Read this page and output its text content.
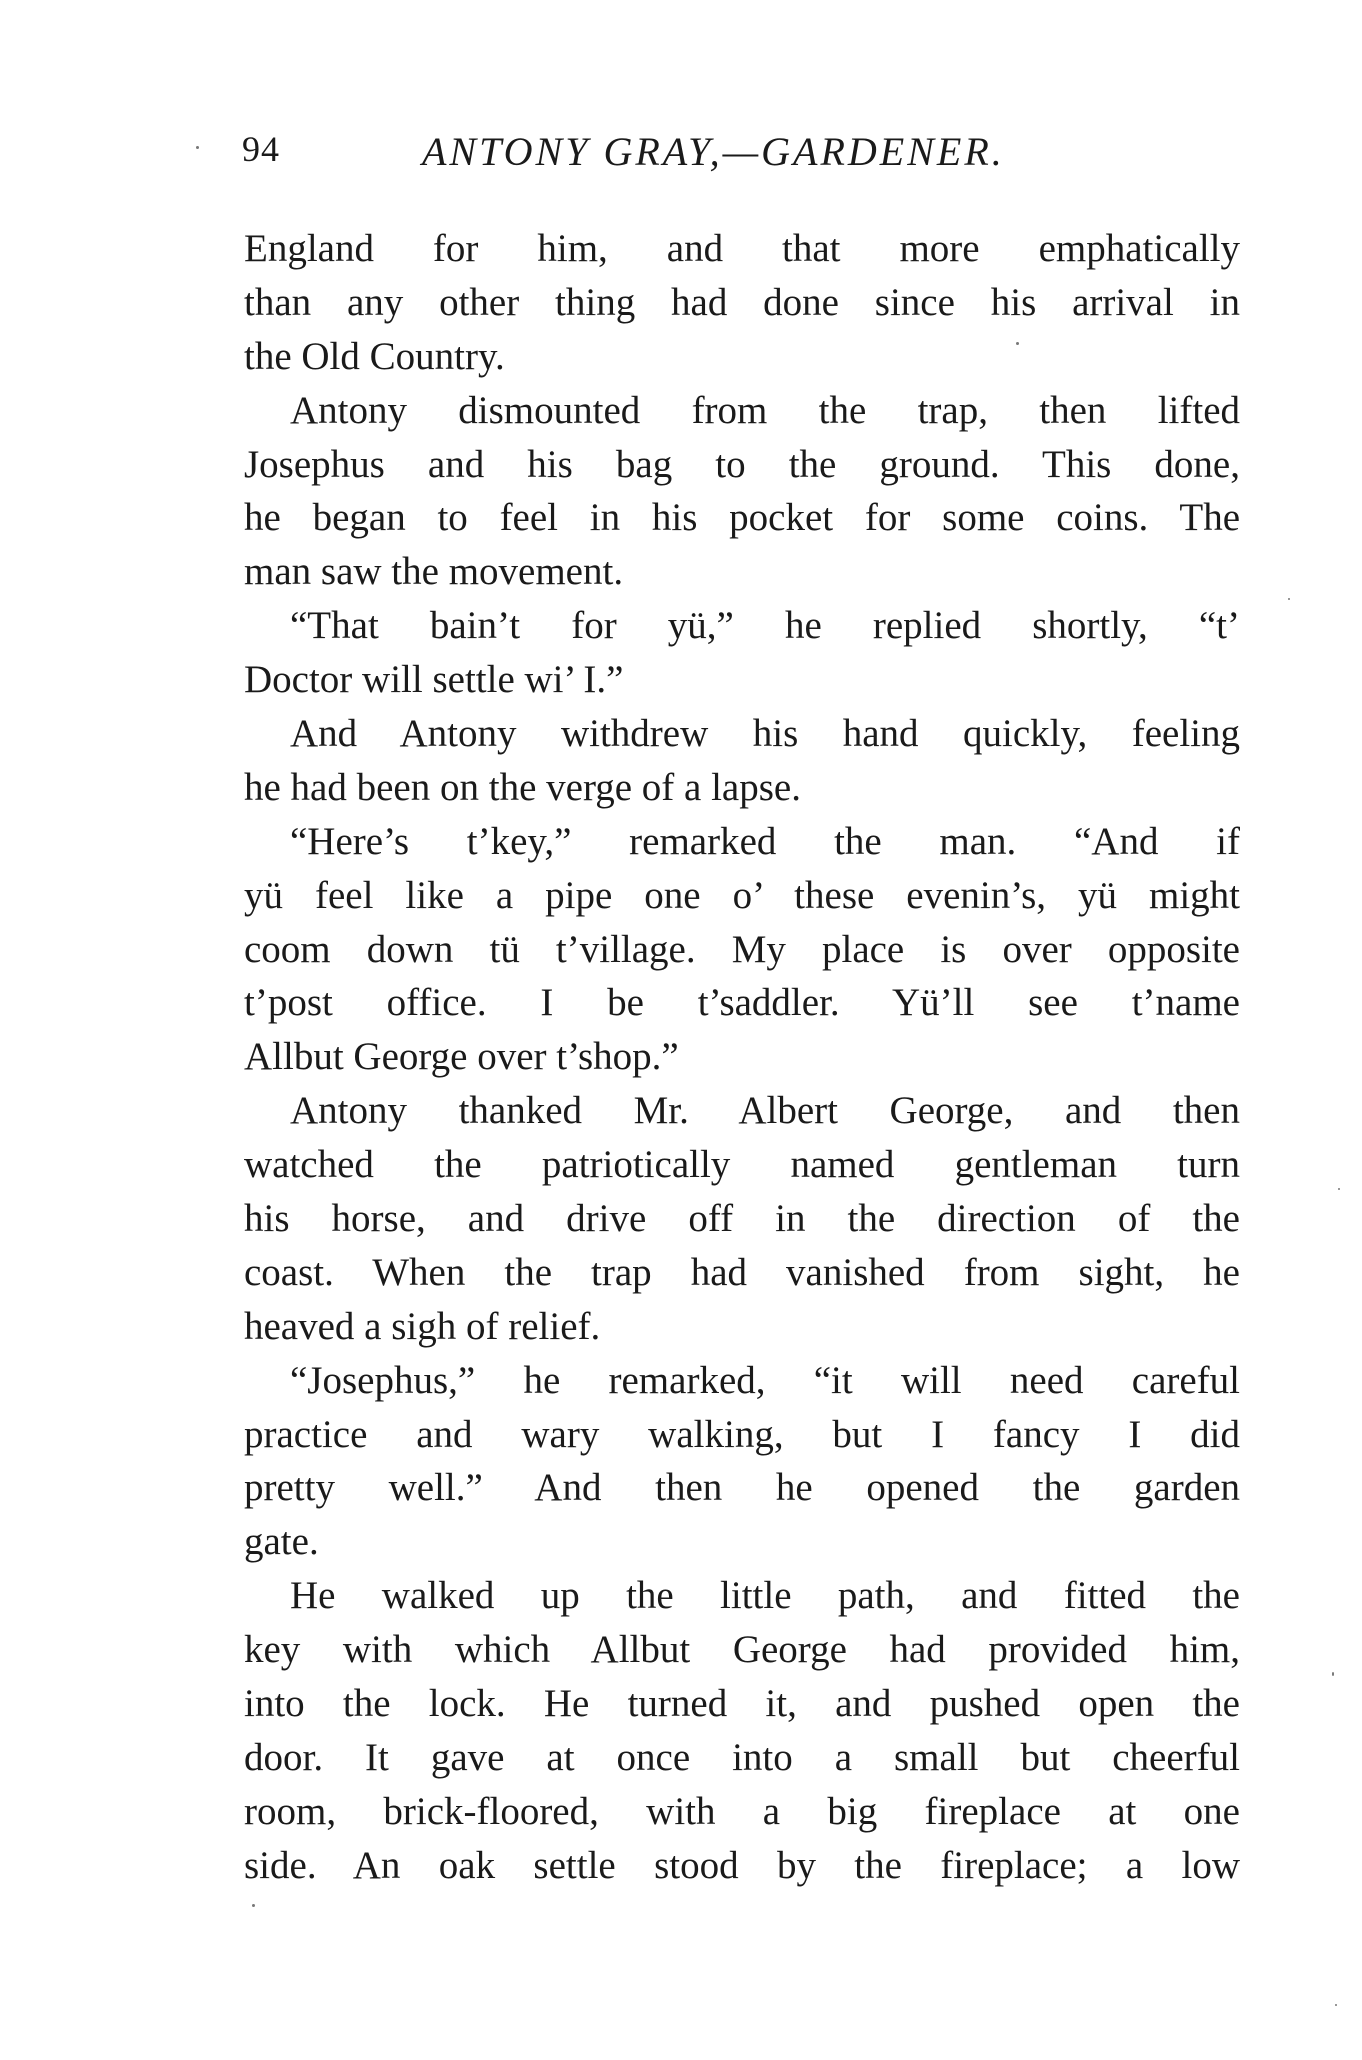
94	ANTONY GRAY,—GARDENER.
England for him, and that more emphatically
than any other thing had done since his arrival in
the Old Country.
Antony dismounted from the trap, then lifted
Josephus and his bag to the ground. This done,
he began to feel in his pocket for some coins. The
man saw the movement.
“That bain’t for yü,” he replied shortly, “t’
Doctor will settle wi’ I.”
And Antony withdrew his hand quickly, feeling
he had been on the verge of a lapse.
“Here’s t’key,” remarked the man. “And if
yü feel like a pipe one o’ these evenin’s, yü might
coom down tü t’village. My place is over opposite
t’post office. I be t’saddler. Yü’ll see t’name
Allbut George over t’shop.”
Antony thanked Mr. Albert George, and then
watched the patriotically named gentleman turn
his horse, and drive off in the direction of the
coast. When the trap had vanished from sight, he
heaved a sigh of relief.
“Josephus,” he remarked, “it will need careful
practice and wary walking, but I fancy I did
pretty well.” And then he opened the garden
gate.
He walked up the little path, and fitted the
key with which Allbut George had provided him,
into the lock. He turned it, and pushed open the
door. It gave at once into a small but cheerful
room, brick-floored, with a big fireplace at one
side. An oak settle stood by the fireplace; a low
